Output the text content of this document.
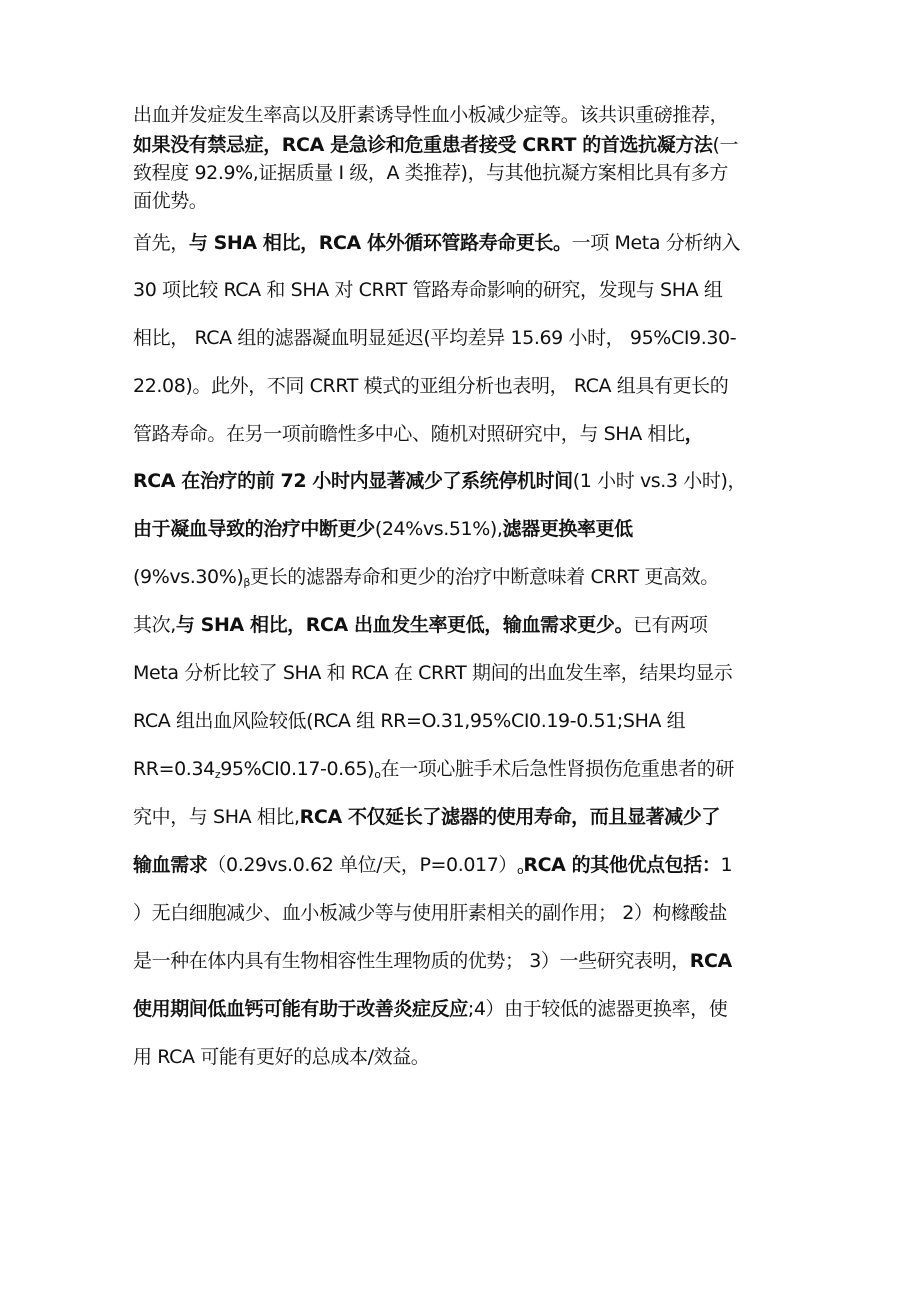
出血并发症发生率高以及肝素诱导性血小板减少症等。该共识重磅推荐，
如果没有禁忌症，RCA 是急诊和危重患者接受 CRRT 的首选抗凝方法(一
致程度 92.9%,证据质量 I 级，A 类推荐)，与其他抗凝方案相比具有多方
面优势。
首先，与 SHA 相比，RCA 体外循环管路寿命更长。一项 Meta 分析纳入
30 项比较 RCA 和 SHA 对 CRRT 管路寿命影响的研究，发现与 SHA 组
相比， RCA 组的滤器凝血明显延迟(平均差异 15.69 小时， 95%CI9.30-
22.08)。此外，不同 CRRT 模式的亚组分析也表明， RCA 组具有更长的
管路寿命。在另一项前瞻性多中心、随机对照研究中，与 SHA 相比，
RCA 在治疗的前 72 小时内显著减少了系统停机时间(1 小时 vs.3 小时)，
由于凝血导致的治疗中断更少(24%vs.51%),滤器更换率更低
$(9\%vs.30\%)_\beta$更长的滤器寿命和更少的治疗中断意味着 CRRT 更高效。
其次,与 SHA 相比，RCA 出血发生率更低，输血需求更少。已有两项
Meta 分析比较了 SHA 和 RCA 在 CRRT 期间的出血发生率，结果均显示
RCA 组出血风险较低(RCA 组 RR=O.31,95%CI0.19-0.51;SHA 组
$RR=0.34_z95\%CI0.17-0.65)_o$在一项心脏手术后急性肾损伤危重患者的研
究中，与 SHA 相比,RCA 不仅延长了滤器的使用寿命，而且显著减少了
输血需求（0.29vs.0.62 单位/天，$P=0.017)_oRCA$ 的其他优点包括：1
）无白细胞减少、血小板减少等与使用肝素相关的副作用； 2）枸橼酸盐
是一种在体内具有生物相容性生理物质的优势； 3）一些研究表明，RCA
使用期间低血钙可能有助于改善炎症反应;4）由于较低的滤器更换率，使
用 RCA 可能有更好的总成本/效益。
